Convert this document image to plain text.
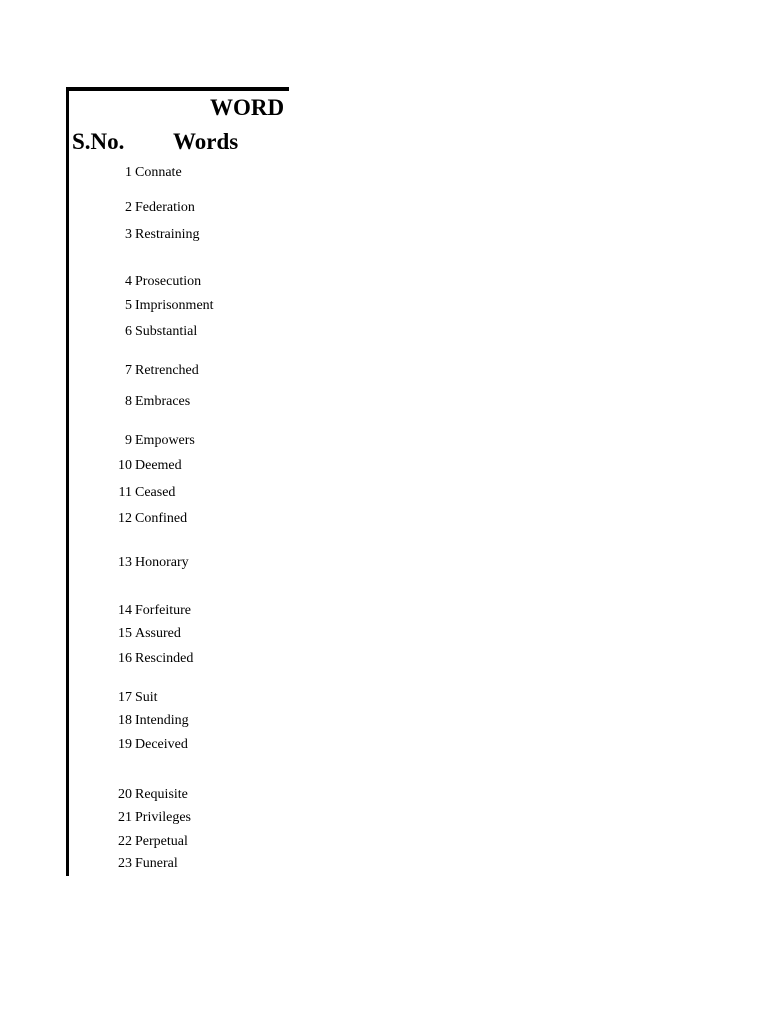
WORD
S.No. Words
1 Connate
2 Federation
3 Restraining
4 Prosecution
5 Imprisonment
6 Substantial
7 Retrenched
8 Embraces
9 Empowers
10 Deemed
11 Ceased
12 Confined
13 Honorary
14 Forfeiture
15 Assured
16 Rescinded
17 Suit
18 Intending
19 Deceived
20 Requisite
21 Privileges
22 Perpetual
23 Funeral
